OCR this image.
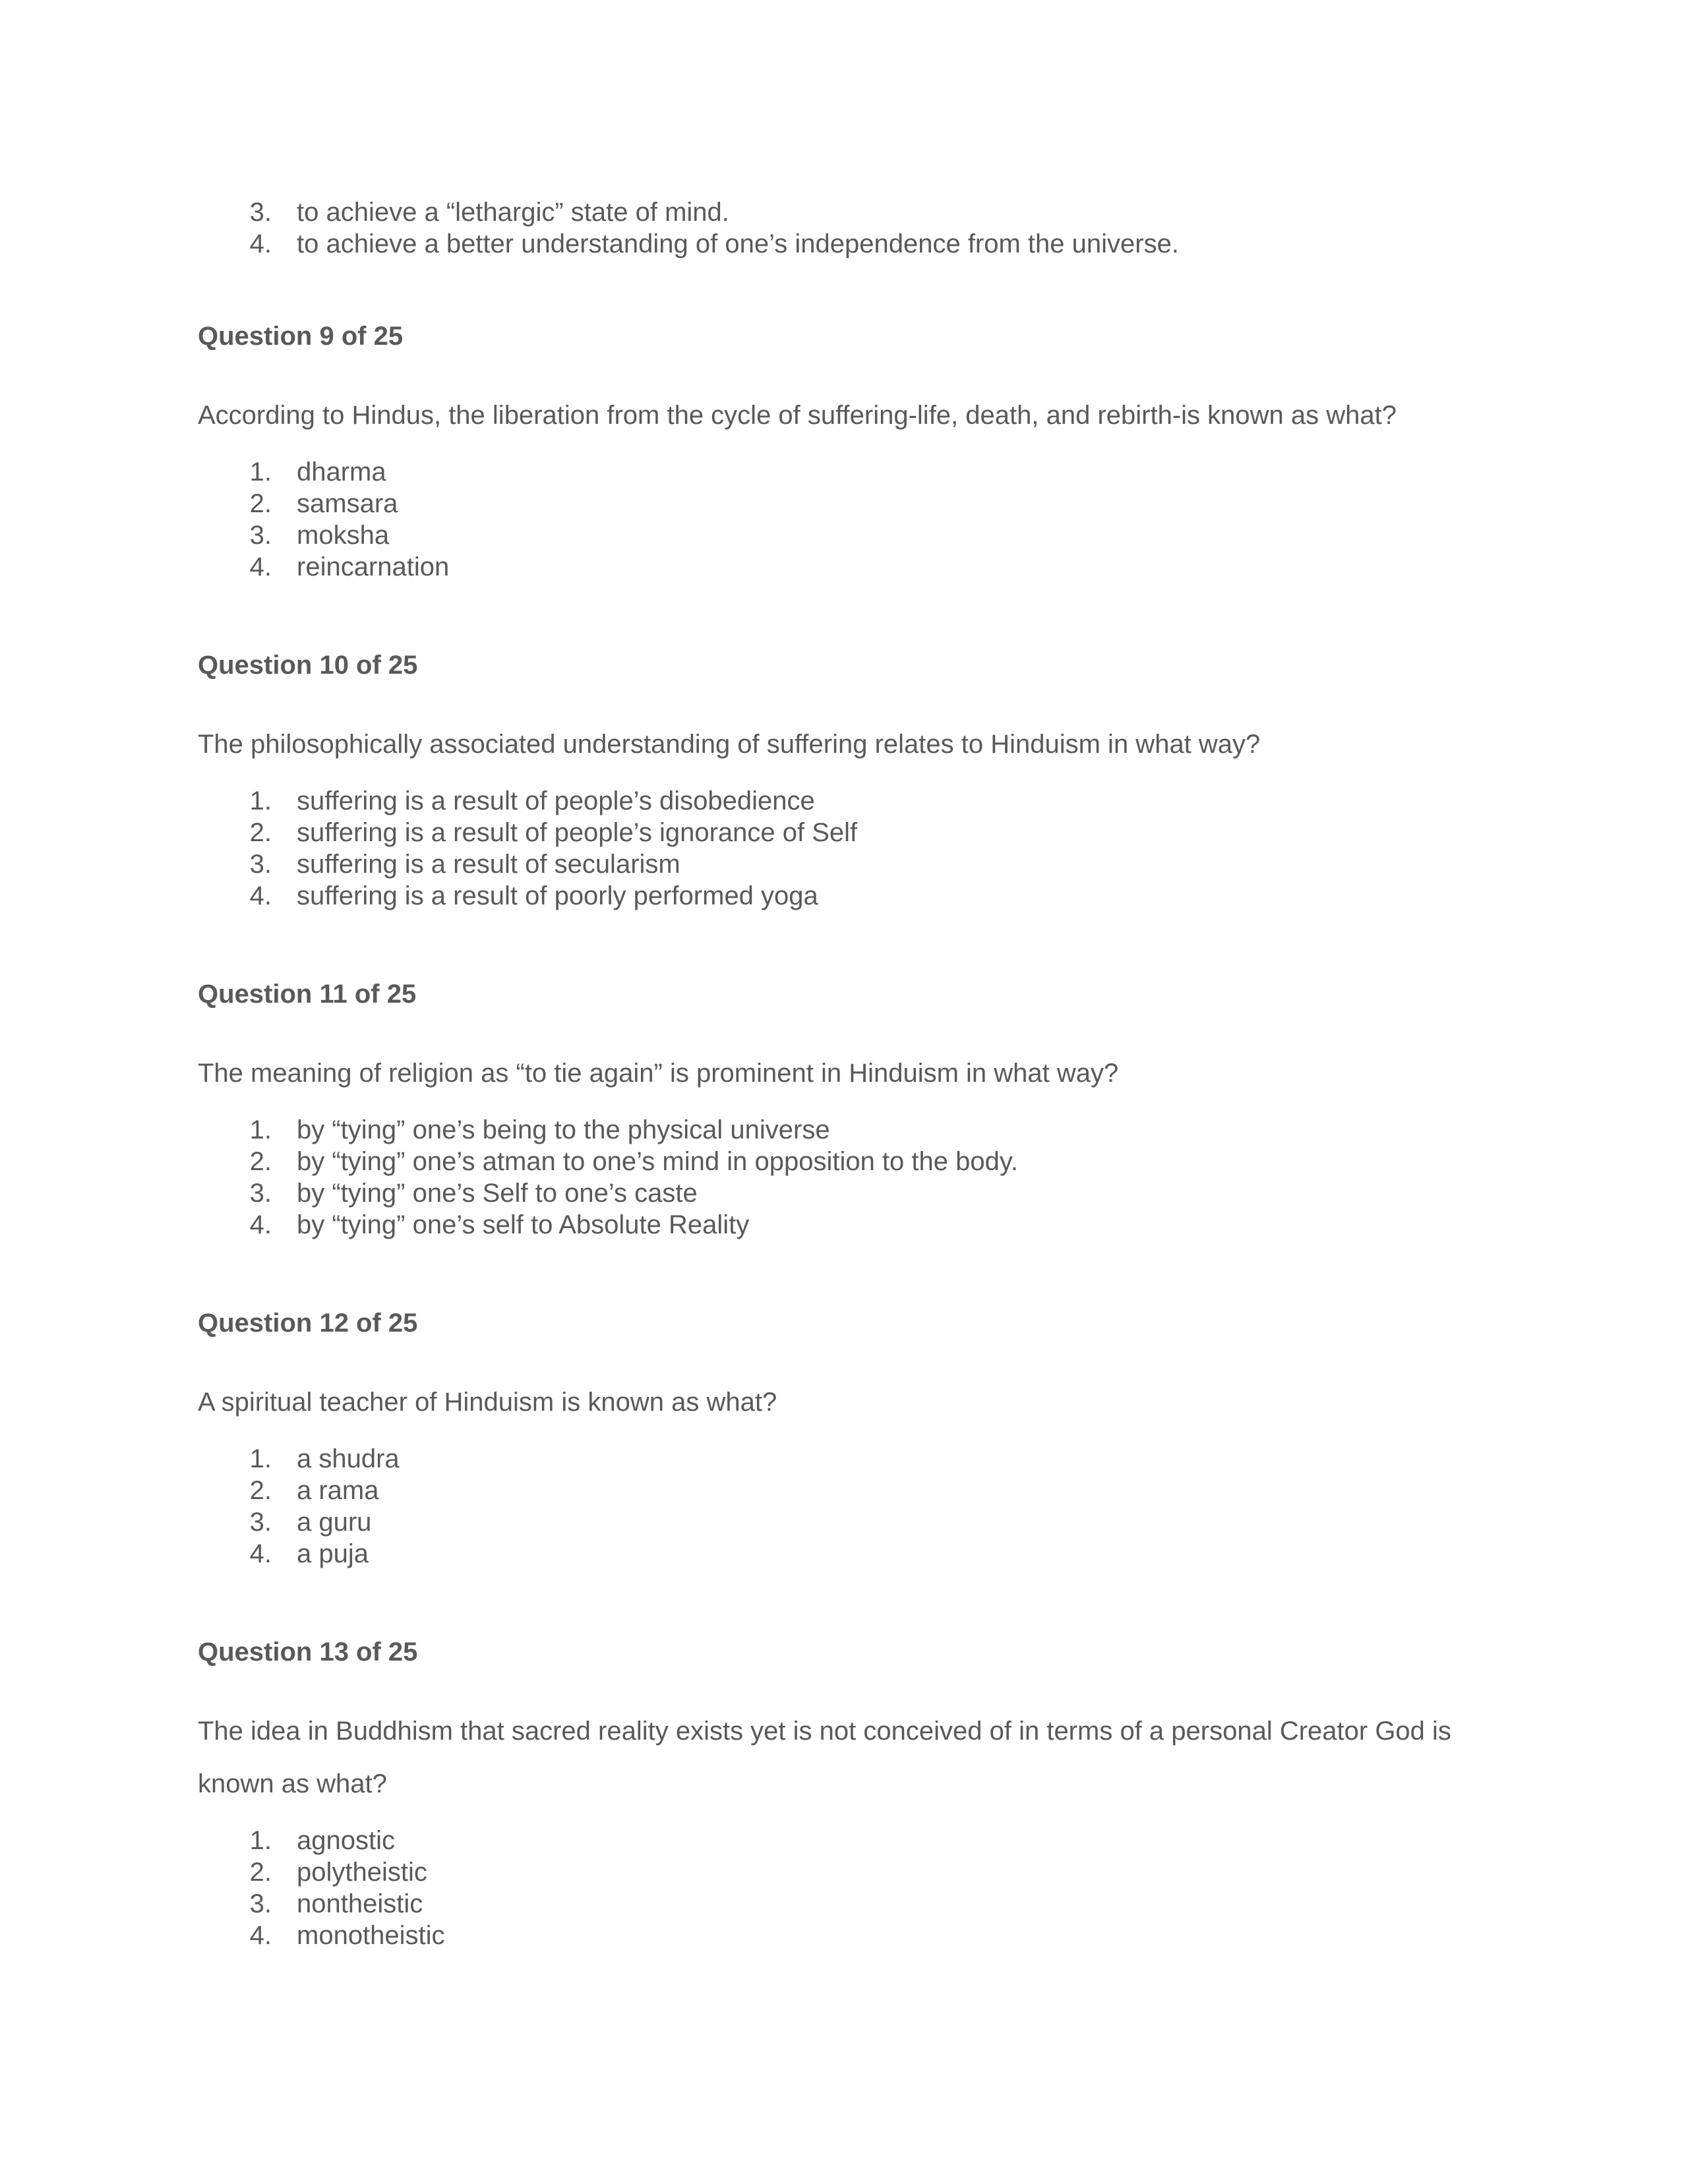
3. to achieve a “lethargic” state of mind.
4. to achieve a better understanding of one’s independence from the universe.
Question 9 of 25

According to Hindus, the liberation from the cycle of suffering-life, death, and rebirth-is known as what?

1. dharma
2. samsara
3. moksha
4. reincarnation
Question 10 of 25

The philosophically associated understanding of suffering relates to Hinduism in what way?

1. suffering is a result of people’s disobedience
2. suffering is a result of people’s ignorance of Self
3. suffering is a result of secularism
4. suffering is a result of poorly performed yoga
Question 11 of 25

The meaning of religion as “to tie again” is prominent in Hinduism in what way?

1. by “tying” one’s being to the physical universe
2. by “tying” one’s atman to one’s mind in opposition to the body.
3. by “tying” one’s Self to one’s caste
4. by “tying” one’s self to Absolute Reality
Question 12 of 25

A spiritual teacher of Hinduism is known as what?

1. a shudra
2. a rama
3. a guru
4. a puja
Question 13 of 25

The idea in Buddhism that sacred reality exists yet is not conceived of in terms of a personal Creator God is known as what?

1. agnostic
2. polytheistic
3. nontheistic
4. monotheistic
